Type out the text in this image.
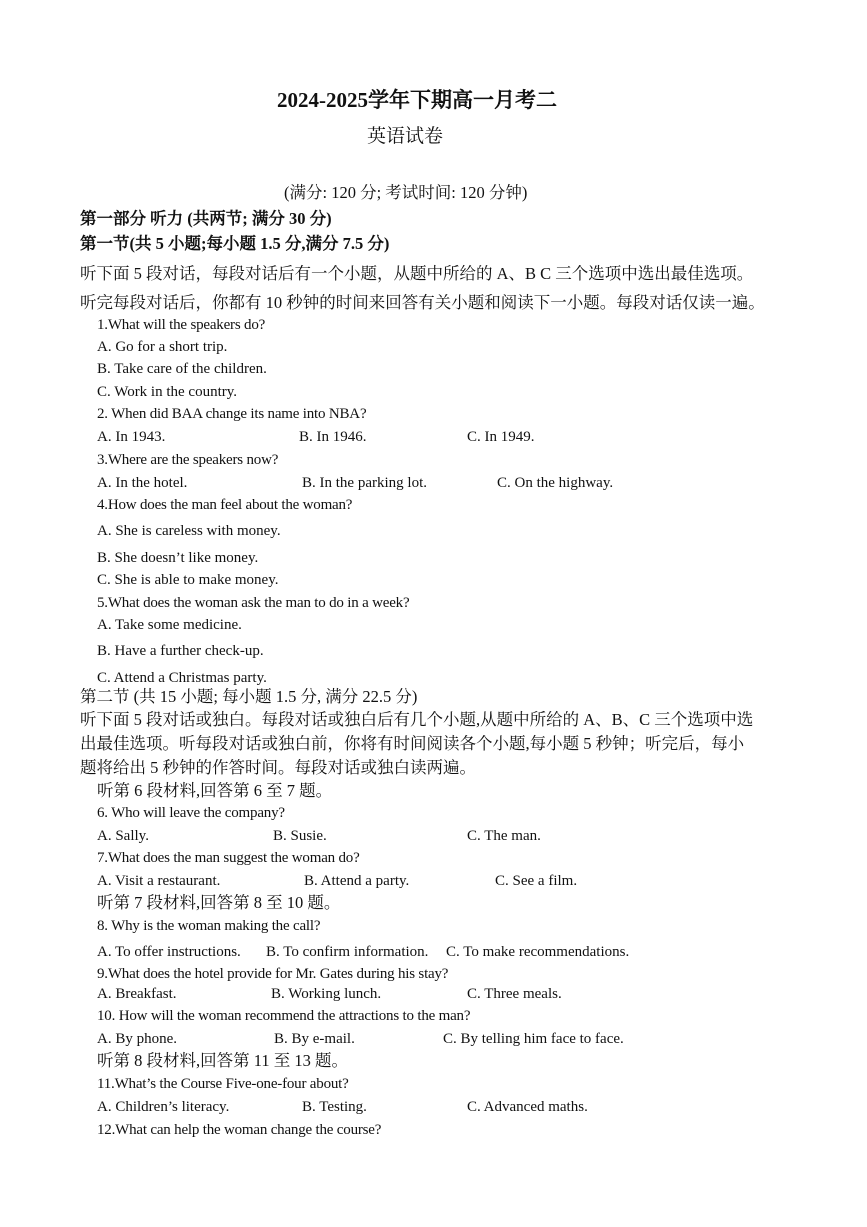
2024-2025学年下期高一月考二
英语试卷
(满分: 120 分; 考试时间: 120 分钟)
第一部分 听力 (共两节; 满分 30 分)
第一节(共 5 小题;每小题 1.5 分,满分 7.5 分)
听下面 5 段对话，每段对话后有一个小题，从题中所给的 A、B C 三个选项中选出最佳选项。
听完每段对话后，你都有 10 秒钟的时间来回答有关小题和阅读下一小题。每段对话仅读一遍。
1.What will the speakers do?
A. Go for a short trip.
B. Take care of the children.
C. Work in the country.
2. When did BAA change its name into NBA?
A. In 1943.	B. In 1946.	C. In 1949.
3.Where are the speakers now?
A. In the hotel.	B. In the parking lot.	C. On the highway.
4.How does the man feel about the woman?
A. She is careless with money.
B. She doesn’t like money.
C. She is able to make money.
5.What does the woman ask the man to do in a week?
A. Take some medicine.
B. Have a further check-up.
C. Attend a Christmas party.
第二节 (共 15 小题; 每小题 1.5 分, 满分 22.5 分)
听下面 5 段对话或独白。每段对话或独白后有几个小题,从题中所给的 A、B、C 三个选项中选
出最佳选项。听每段对话或独白前，你将有时间阅读各个小题,每小题 5 秒钟；听完后，每小
题将给出 5 秒钟的作答时间。每段对话或独白读两遍。
听第 6 段材料,回答第 6 至 7 题。
6. Who will leave the company?
A. Sally.	B. Susie.	C. The man.
7.What does the man suggest the woman do?
A. Visit a restaurant.	B. Attend a party.	C. See a film.
听第 7 段材料,回答第 8 至 10 题。
8. Why is the woman making the call?
A. To offer instructions. B. To confirm information. C. To make recommendations.
9.What does the hotel provide for Mr. Gates during his stay?
A. Breakfast.	B. Working lunch.	C. Three meals.
10. How will the woman recommend the attractions to the man?
A. By phone.	B. By e-mail.	C. By telling him face to face.
听第 8 段材料,回答第 11 至 13 题。
11.What’s the Course Five-one-four about?
A. Children’s literacy.	B. Testing.	C. Advanced maths.
12.What can help the woman change the course?
